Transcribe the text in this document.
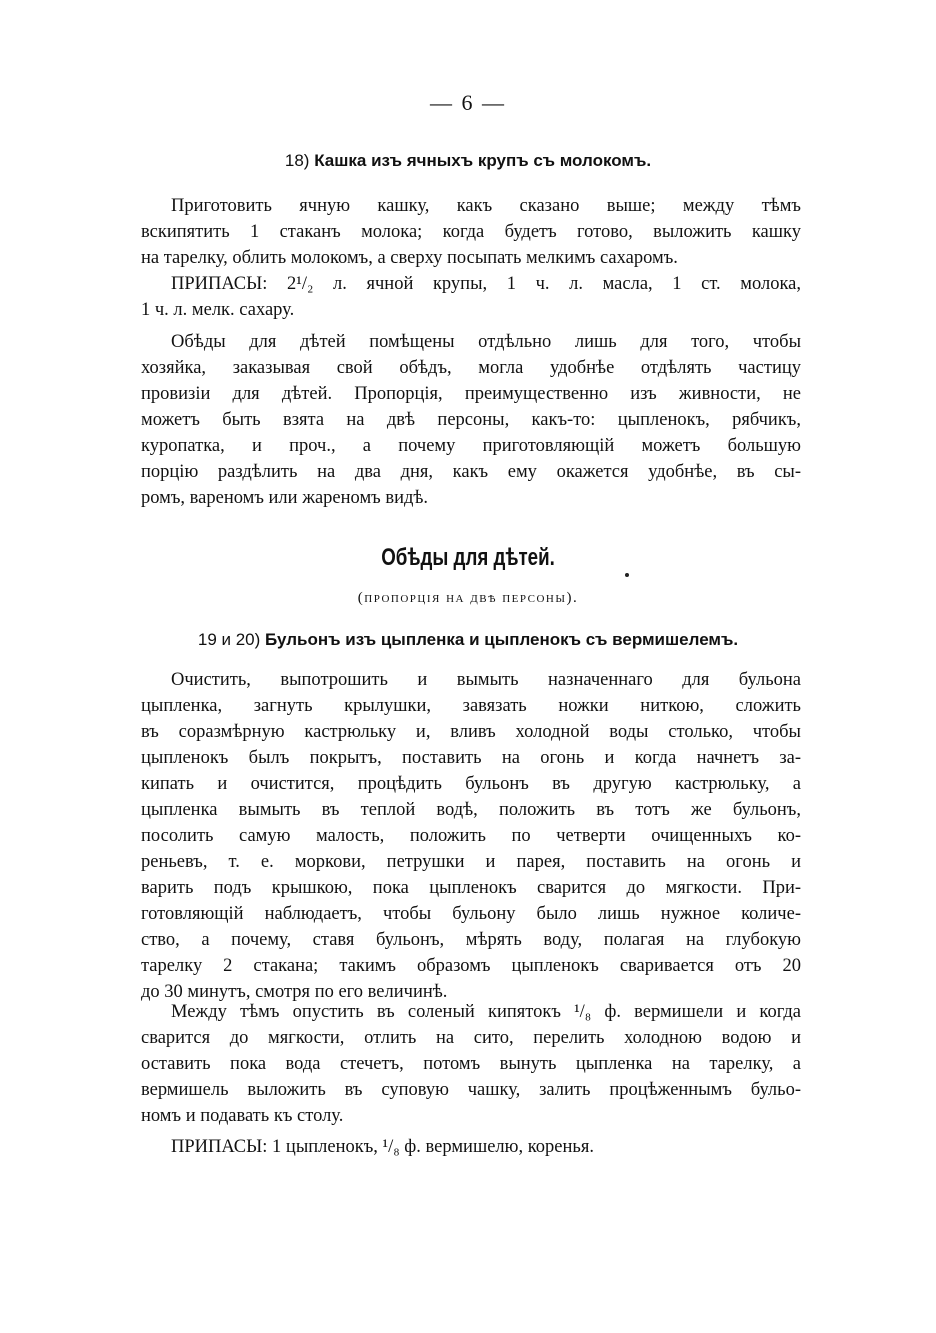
— 6 —
18) Кашка изъ ячныхъ крупъ съ молокомъ.
Приготовить ячную кашку, какъ сказано выше; между тѣмъ
вскипятить 1 стаканъ молока; когда будетъ готово, выложить кашку
на тарелку, облить молокомъ, а сверху посыпать мелкимъ сахаромъ.
ПРИПАСЫ: 2¹/₂ л. ячной крупы, 1 ч. л. масла, 1 ст. молока,
1 ч. л. мелк. сахару.
Обѣды для дѣтей помѣщены отдѣльно лишь для того, чтобы
хозяйка, заказывая свой обѣдъ, могла удобнѣе отдѣлять частицу
провизіи для дѣтей. Пропорція, преимущественно изъ живности, не
можетъ быть взята на двѣ персоны, какъ-то: цыпленокъ, рябчикъ,
куропатка, и проч., а почему приготовляющій можетъ большую
порцію раздѣлить на два дня, какъ ему окажется удобнѣе, въ сы-
ромъ, вареномъ или жареномъ видѣ.
Обѣды для дѣтей.
(пропорція на двѣ персоны).
19 и 20) Бульонъ изъ цыпленка и цыпленокъ съ вермишелемъ.
Очистить, выпотрошить и вымыть назначеннаго для бульона
цыпленка, загнуть крылушки, завязать ножки ниткою, сложить
въ соразмѣрную кастрюльку и, вливъ холодной воды столько, чтобы
цыпленокъ былъ покрытъ, поставить на огонь и когда начнетъ за-
кипать и очистится, процѣдить бульонъ въ другую кастрюльку, а
цыпленка вымыть въ теплой водѣ, положить въ тотъ же бульонъ,
посолить самую малость, положить по четверти очищенныхъ ко-
реньевъ, т. е. моркови, петрушки и парея, поставить на огонь и
варить подъ крышкою, пока цыпленокъ сварится до мягкости. При-
готовляющій наблюдаетъ, чтобы бульону было лишь нужное количе-
ство, а почему, ставя бульонъ, мѣрять воду, полагая на глубокую
тарелку 2 стакана; такимъ образомъ цыпленокъ сваривается отъ 20
до 30 минутъ, смотря по его величинѣ.
Между тѣмъ опустить въ соленый кипятокъ ¹/₈ ф. вермишели и когда
сварится до мягкости, отлить на сито, перелить холодною водою и
оставить пока вода стечетъ, потомъ вынуть цыпленка на тарелку, а
вермишель выложить въ суповую чашку, залить процѣженнымъ бульо-
номъ и подавать къ столу.
ПРИПАСЫ: 1 цыпленокъ, ¹/₈ ф. вермишелю, коренья.
